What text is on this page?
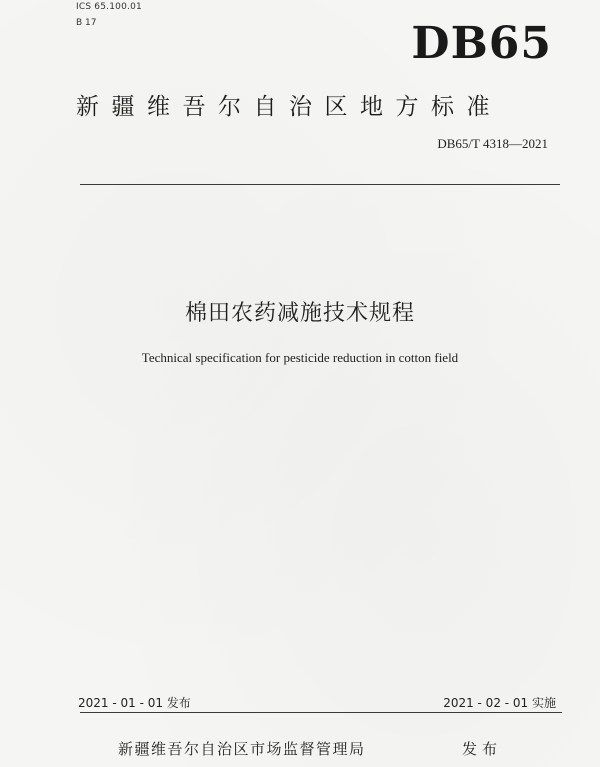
ICS 65.100.01
B 17	DB65
新疆维吾尔自治区地方标准
DB65/T 4318—2021
棉田农药减施技术规程
Technical specification for pesticide reduction in cotton field
2021 - 01 - 01 发布	2021 - 02 - 01 实施
新疆维吾尔自治区市场监督管理局	发布
